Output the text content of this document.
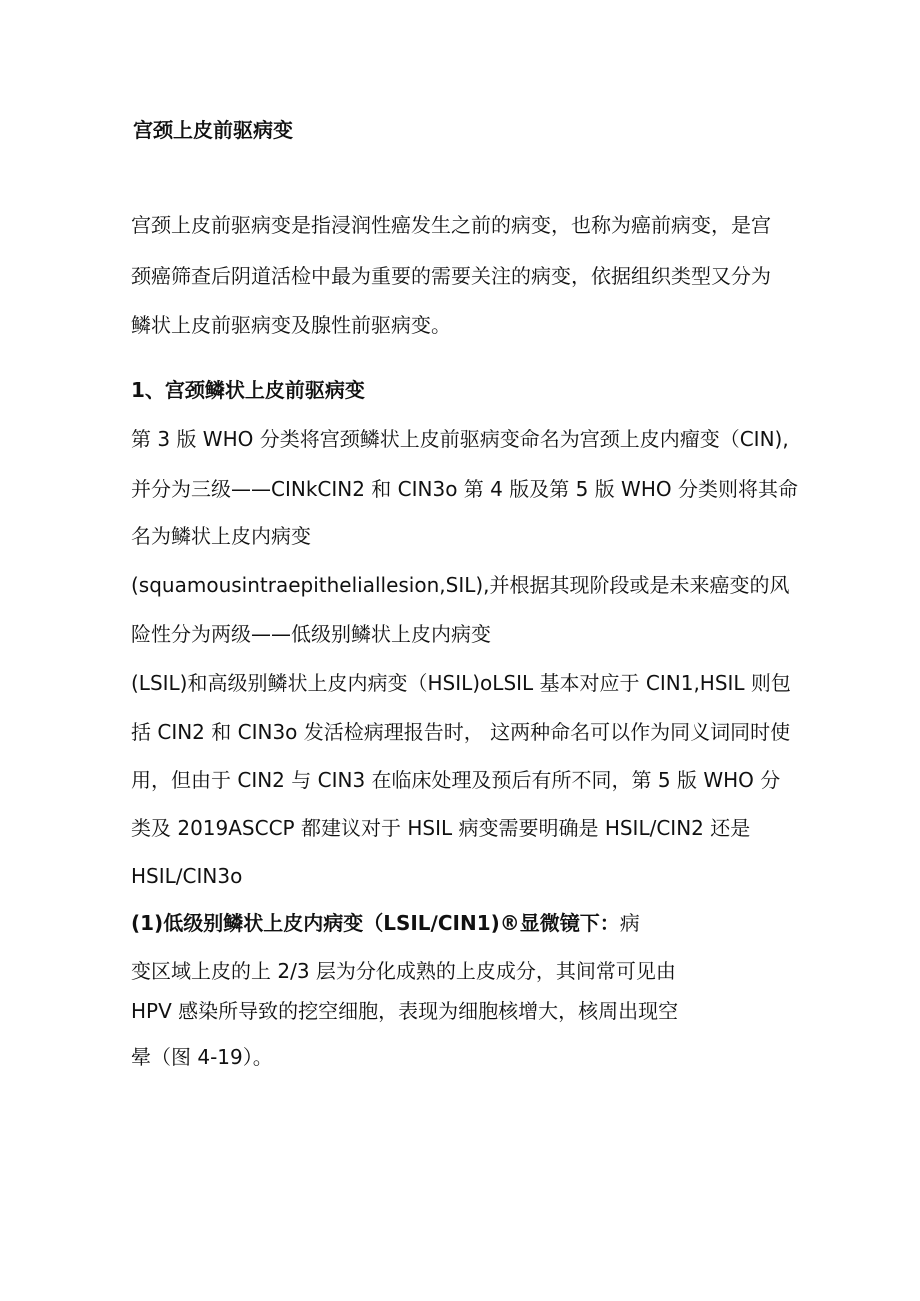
宫颈上皮前驱病变
宫颈上皮前驱病变是指浸润性癌发生之前的病变，也称为癌前病变，是宫
颈癌筛查后阴道活检中最为重要的需要关注的病变，依据组织类型又分为
鳞状上皮前驱病变及腺性前驱病变。
1、宫颈鳞状上皮前驱病变
第 3 版 WHO 分类将宫颈鳞状上皮前驱病变命名为宫颈上皮内瘤变（CIN),
并分为三级——CINkCIN2 和 CIN3o 第 4 版及第 5 版 WHO 分类则将其命
名为鳞状上皮内病变
(squamousintraepitheliallesion,SIL),并根据其现阶段或是未来癌变的风
险性分为两级——低级别鳞状上皮内病变
(LSIL)和高级别鳞状上皮内病变（HSIL)oLSIL 基本对应于 CIN1,HSIL 则包
括 CIN2 和 CIN3o 发活检病理报告时， 这两种命名可以作为同义词同时使
用，但由于 CIN2 与 CIN3 在临床处理及预后有所不同，第 5 版 WHO 分
类及 2019ASCCP 都建议对于 HSIL 病变需要明确是 HSIL/CIN2 还是
HSIL∕CIN3o
(1)低级别鳞状上皮内病变（LSIL∕CIN1)®显微镜下：病
变区域上皮的上 2/3 层为分化成熟的上皮成分，其间常可见由
HPV 感染所导致的挖空细胞，表现为细胞核增大，核周出现空
晕（图 4-19）。
